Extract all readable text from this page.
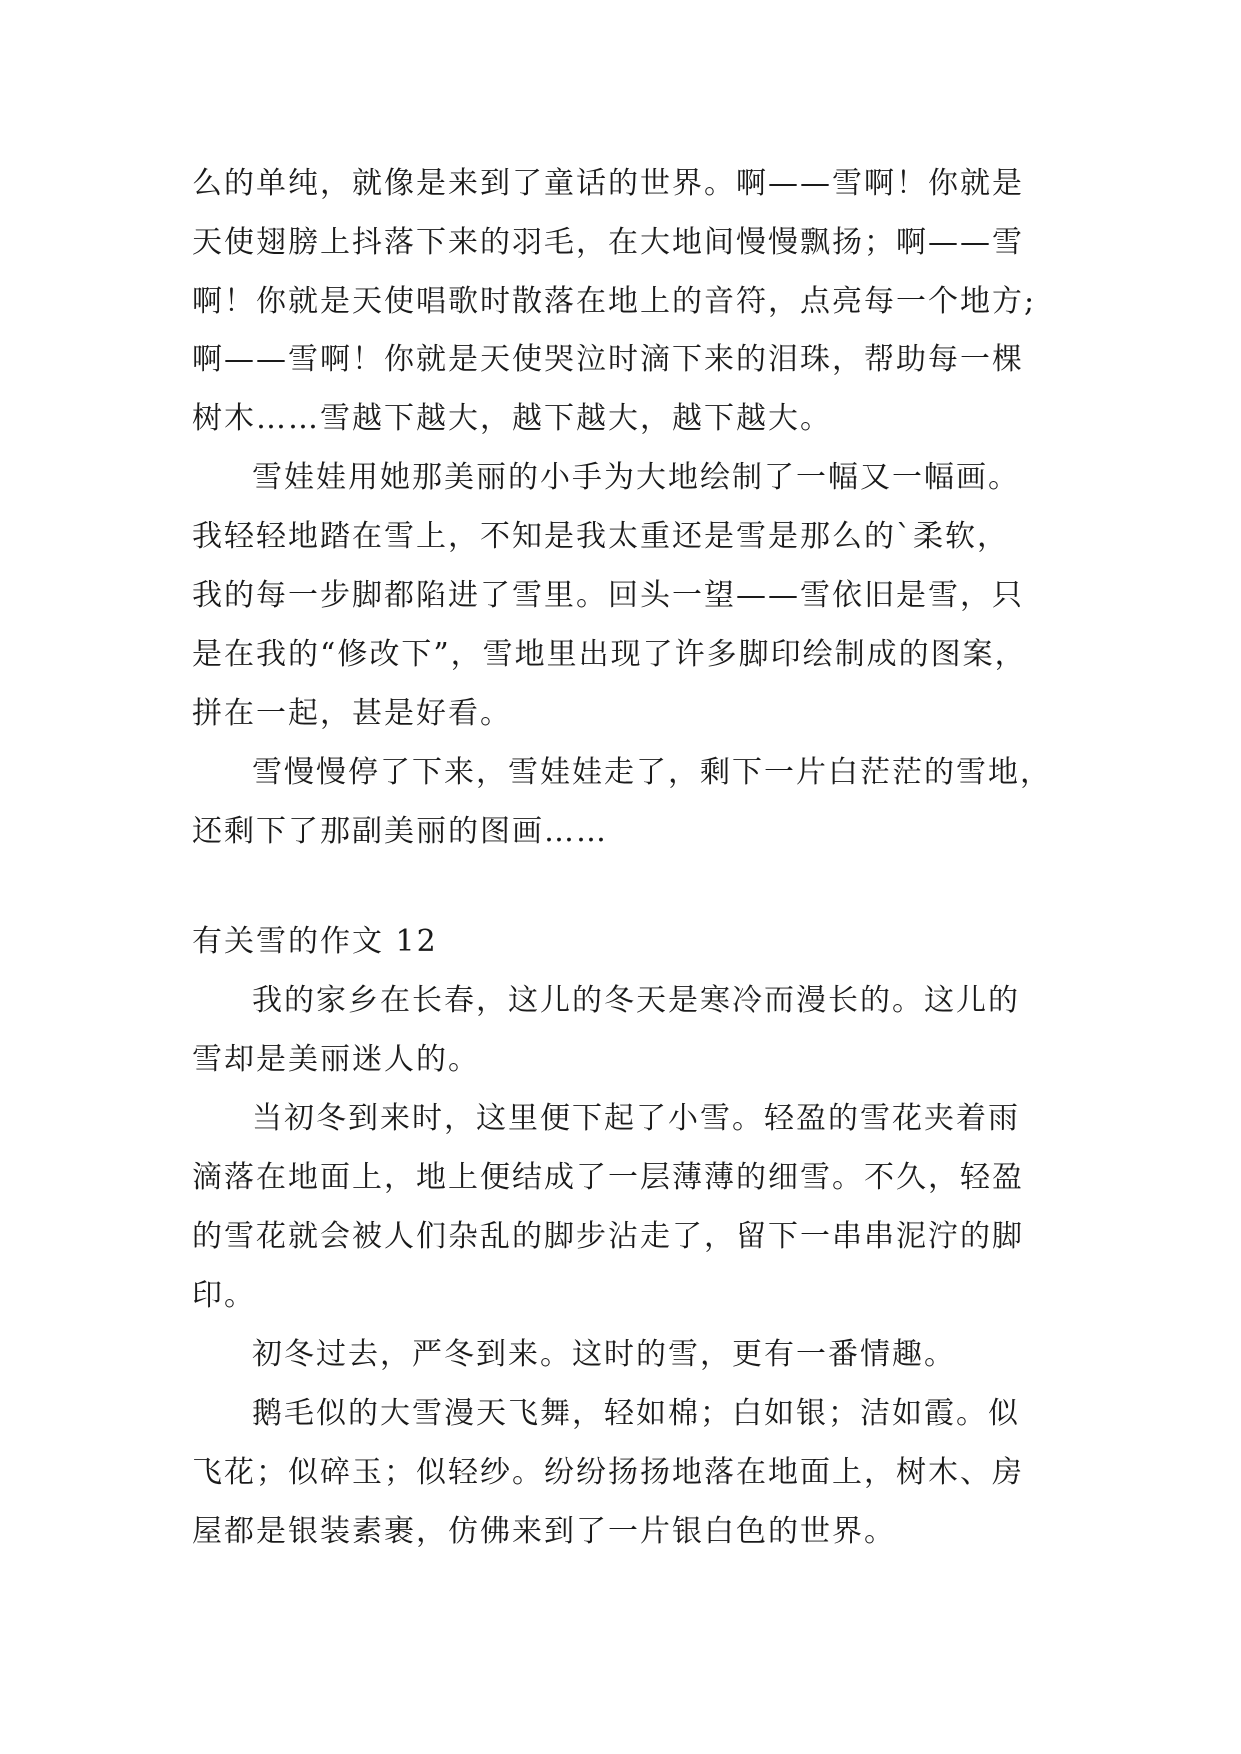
么的单纯，就像是来到了童话的世界。啊——雪啊！你就是
天使翅膀上抖落下来的羽毛，在大地间慢慢飘扬；啊——雪
啊！你就是天使唱歌时散落在地上的音符，点亮每一个地方;
啊——雪啊！你就是天使哭泣时滴下来的泪珠，帮助每一棵
树木……雪越下越大，越下越大，越下越大。
雪娃娃用她那美丽的小手为大地绘制了一幅又一幅画。
我轻轻地踏在雪上，不知是我太重还是雪是那么的`柔软，
我的每一步脚都陷进了雪里。回头一望——雪依旧是雪，只
是在我的“修改下”，雪地里出现了许多脚印绘制成的图案，
拼在一起，甚是好看。
雪慢慢停了下来，雪娃娃走了，剩下一片白茫茫的雪地，
还剩下了那副美丽的图画……
有关雪的作文 12
我的家乡在长春，这儿的冬天是寒冷而漫长的。这儿的
雪却是美丽迷人的。
当初冬到来时，这里便下起了小雪。轻盈的雪花夹着雨
滴落在地面上，地上便结成了一层薄薄的细雪。不久，轻盈
的雪花就会被人们杂乱的脚步沾走了，留下一串串泥泞的脚
印。
初冬过去，严冬到来。这时的雪，更有一番情趣。
鹅毛似的大雪漫天飞舞，轻如棉；白如银；洁如霞。似
飞花；似碎玉；似轻纱。纷纷扬扬地落在地面上，树木、房
屋都是银装素裹，仿佛来到了一片银白色的世界。
